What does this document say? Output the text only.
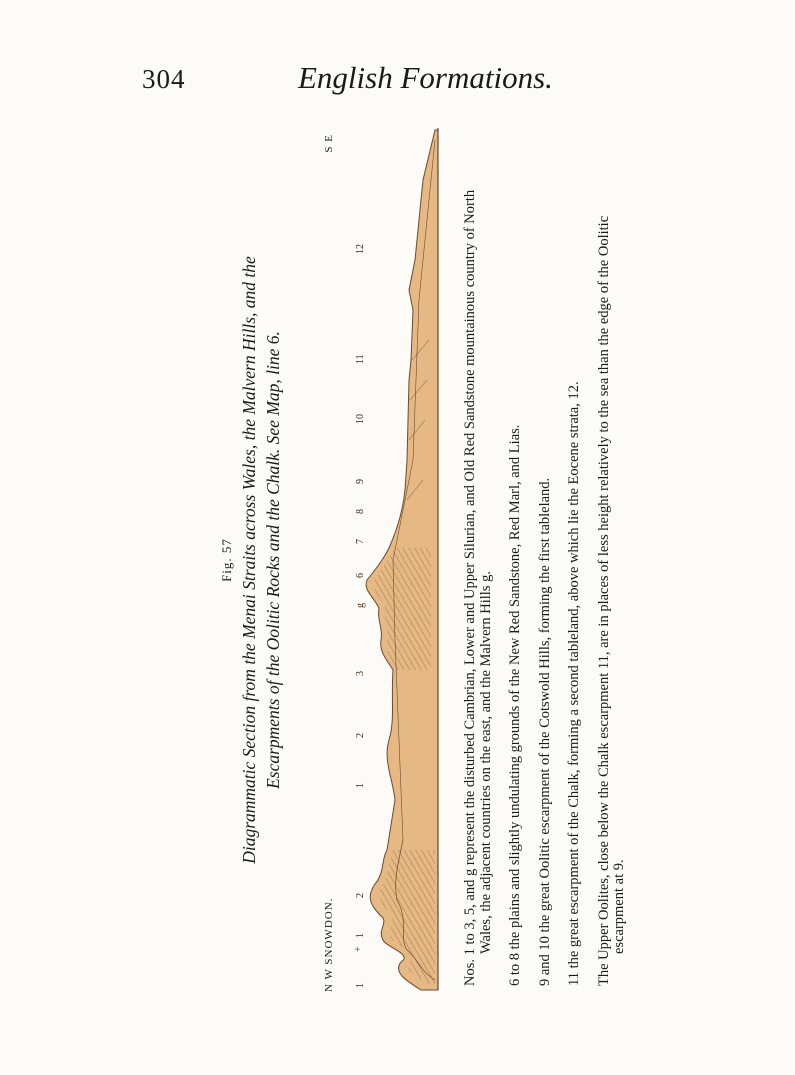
304	English Formations.
Fig. 57 Diagrammatic Section from the Menai Straits across Wales, the Malvern Hills, and the Escarpments of the Oolitic Rocks and the Chalk. See Map, line 6.
N W SNOWDON.
S E
1
+
1
2
1
2
3
g
6
7
8
9
10
11
12	Nos. 1 to 3, 5, and g represent the disturbed Cambrian, Lower and Upper Silurian, and Old Red Sandstone mountainous country of North Wales, the adjacent countries on the east, and the Malvern Hills g. 6 to 8 the plains and slightly undulating grounds of the New Red Sandstone, Red Marl, and Lias. 9 and 10 the great Oolitic escarpment of the Cotswold Hills, forming the first tableland. 11 the great escarpment of the Chalk, forming a second tableland, above which lie the Eocene strata, 12. The Upper Oolites, close below the Chalk escarpment 11, are in places of less height relatively to the sea than the edge of the Oolitic escarpment at 9.
